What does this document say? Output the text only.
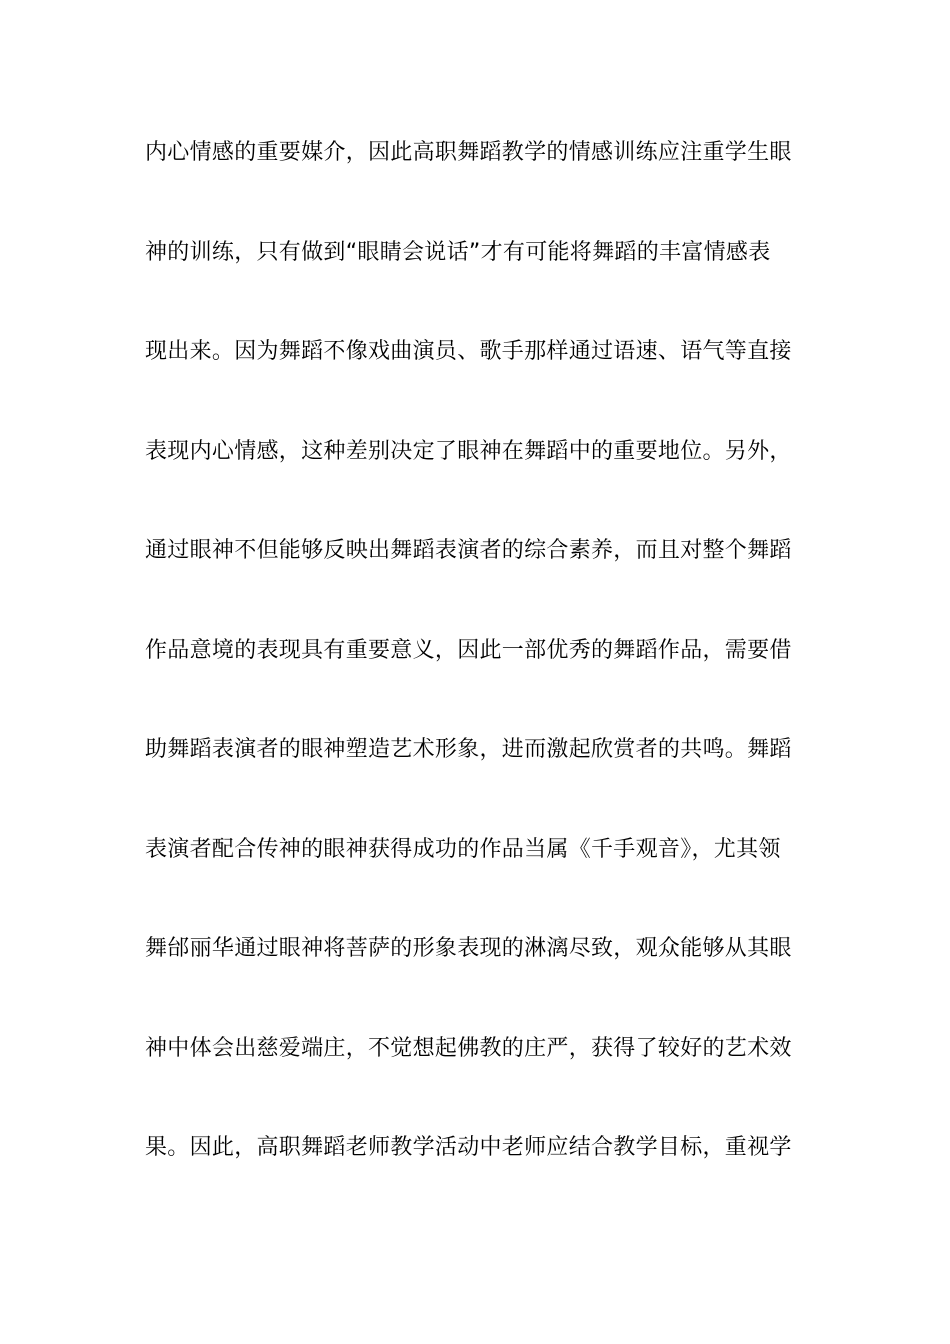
内心情感的重要媒介，因此高职舞蹈教学的情感训练应注重学生眼
神的训练，只有做到“眼睛会说话”才有可能将舞蹈的丰富情感表
现出来。因为舞蹈不像戏曲演员、歌手那样通过语速、语气等直接
表现内心情感，这种差别决定了眼神在舞蹈中的重要地位。另外，
通过眼神不但能够反映出舞蹈表演者的综合素养，而且对整个舞蹈
作品意境的表现具有重要意义，因此一部优秀的舞蹈作品，需要借
助舞蹈表演者的眼神塑造艺术形象，进而激起欣赏者的共鸣。舞蹈
表演者配合传神的眼神获得成功的作品当属《千手观音》，尤其领
舞邰丽华通过眼神将菩萨的形象表现的淋漓尽致，观众能够从其眼
神中体会出慈爱端庄，不觉想起佛教的庄严，获得了较好的艺术效
果。因此，高职舞蹈老师教学活动中老师应结合教学目标，重视学
